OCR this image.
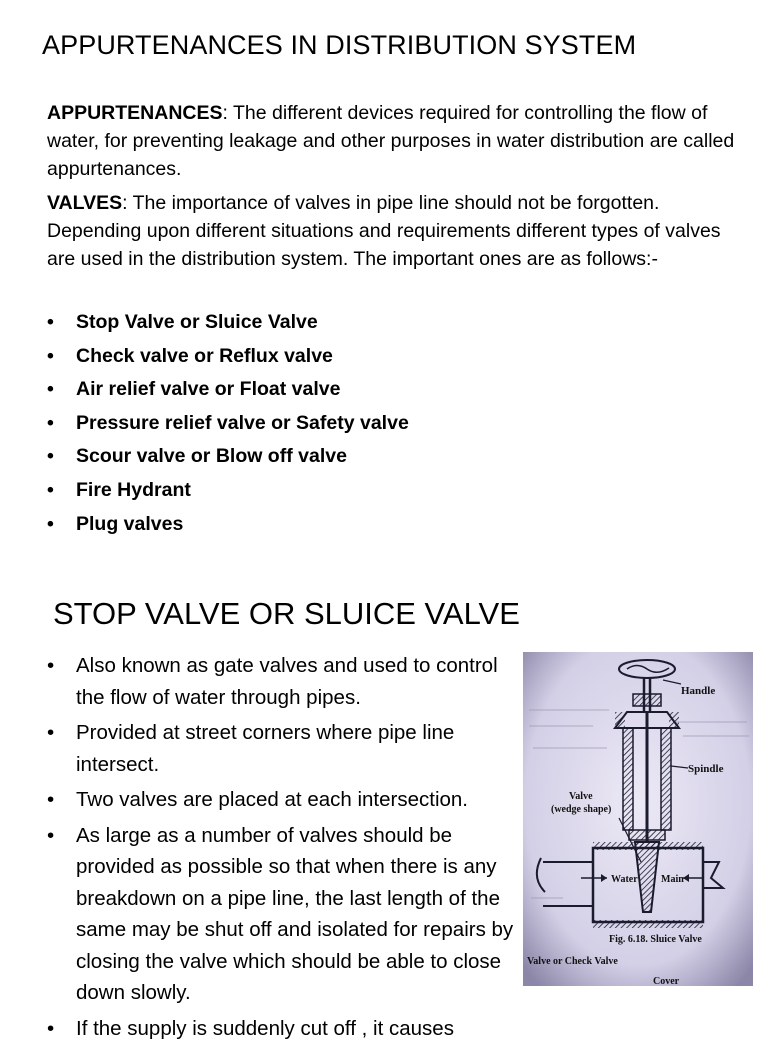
APPURTENANCES IN DISTRIBUTION SYSTEM

APPURTENANCES: The different devices required for controlling the flow of water, for preventing leakage and other purposes in water distribution are called appurtenances.

VALVES: The importance of valves in pipe line should not be forgotten. Depending upon different situations and requirements different types of valves are used in the distribution system. The important ones are as follows:-

• Stop Valve or Sluice Valve
• Check valve or Reflux valve
• Air relief valve or Float valve
• Pressure relief valve or Safety valve
• Scour valve or Blow off valve
• Fire Hydrant
• Plug valves
STOP VALVE OR SLUICE VALVE
• Also known as gate valves and used to control the flow of water through pipes.
• Provided at street corners where pipe line intersect.
• Two valves are placed at each intersection.
• As large as a number of valves should be provided as possible so that when there is any breakdown on a pipe line, the last length of the same may be shut off and isolated for repairs by closing the valve which should be able to close down slowly.
• If the supply is suddenly cut off , it causes
Handle
Spindle
Valve
(wedge shape)
Water Main
Fig. 6.18. Sluice Valve
Valve or Check Valve
Cover
